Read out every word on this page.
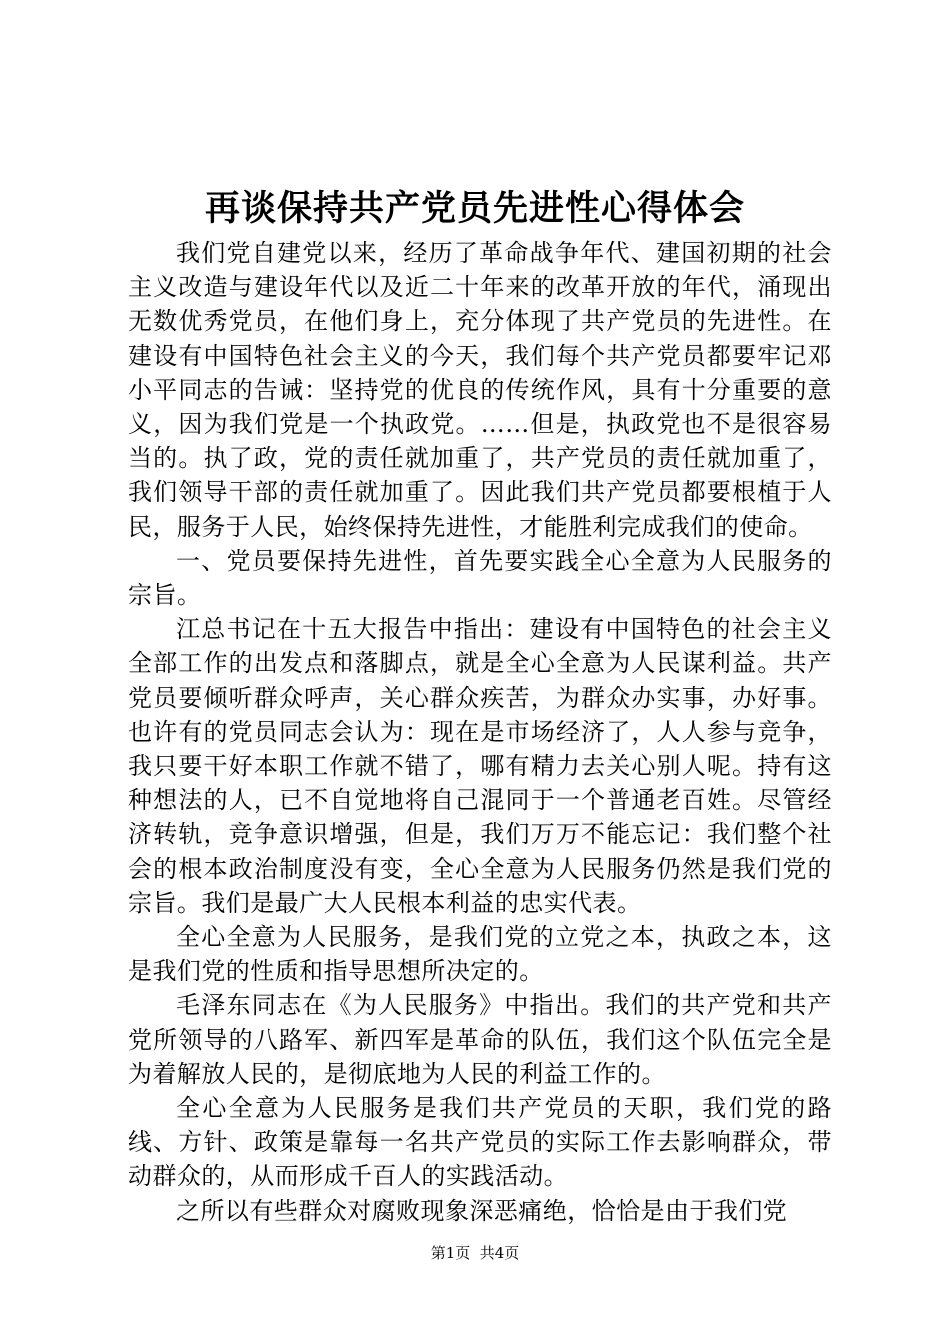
再谈保持共产党员先进性心得体会

我们党自建党以来，经历了革命战争年代、建国初期的社会主义改造与建设年代以及近二十年来的改革开放的年代，涌现出无数优秀党员，在他们身上，充分体现了共产党员的先进性。在建设有中国特色社会主义的今天，我们每个共产党员都要牢记邓小平同志的告诫：坚持党的优良的传统作风，具有十分重要的意义，因为我们党是一个执政党。……但是，执政党也不是很容易当的。执了政，党的责任就加重了，共产党员的责任就加重了，我们领导干部的责任就加重了。因此我们共产党员都要根植于人民，服务于人民，始终保持先进性，才能胜利完成我们的使命。

一、党员要保持先进性，首先要实践全心全意为人民服务的宗旨。

江总书记在十五大报告中指出：建设有中国特色的社会主义全部工作的出发点和落脚点，就是全心全意为人民谋利益。共产党员要倾听群众呼声，关心群众疾苦，为群众办实事，办好事。也许有的党员同志会认为：现在是市场经济了，人人参与竞争，我只要干好本职工作就不错了，哪有精力去关心别人呢。持有这种想法的人，已不自觉地将自己混同于一个普通老百姓。尽管经济转轨，竞争意识增强，但是，我们万万不能忘记：我们整个社会的根本政治制度没有变，全心全意为人民服务仍然是我们党的宗旨。我们是最广大人民根本利益的忠实代表。

全心全意为人民服务，是我们党的立党之本，执政之本，这是我们党的性质和指导思想所决定的。

毛泽东同志在《为人民服务》中指出。我们的共产党和共产党所领导的八路军、新四军是革命的队伍，我们这个队伍完全是为着解放人民的，是彻底地为人民的利益工作的。

全心全意为人民服务是我们共产党员的天职，我们党的路线、方针、政策是靠每一名共产党员的实际工作去影响群众，带动群众的，从而形成千百人的实践活动。

之所以有些群众对腐败现象深恶痛绝，恰恰是由于我们党

第1页  共4页
